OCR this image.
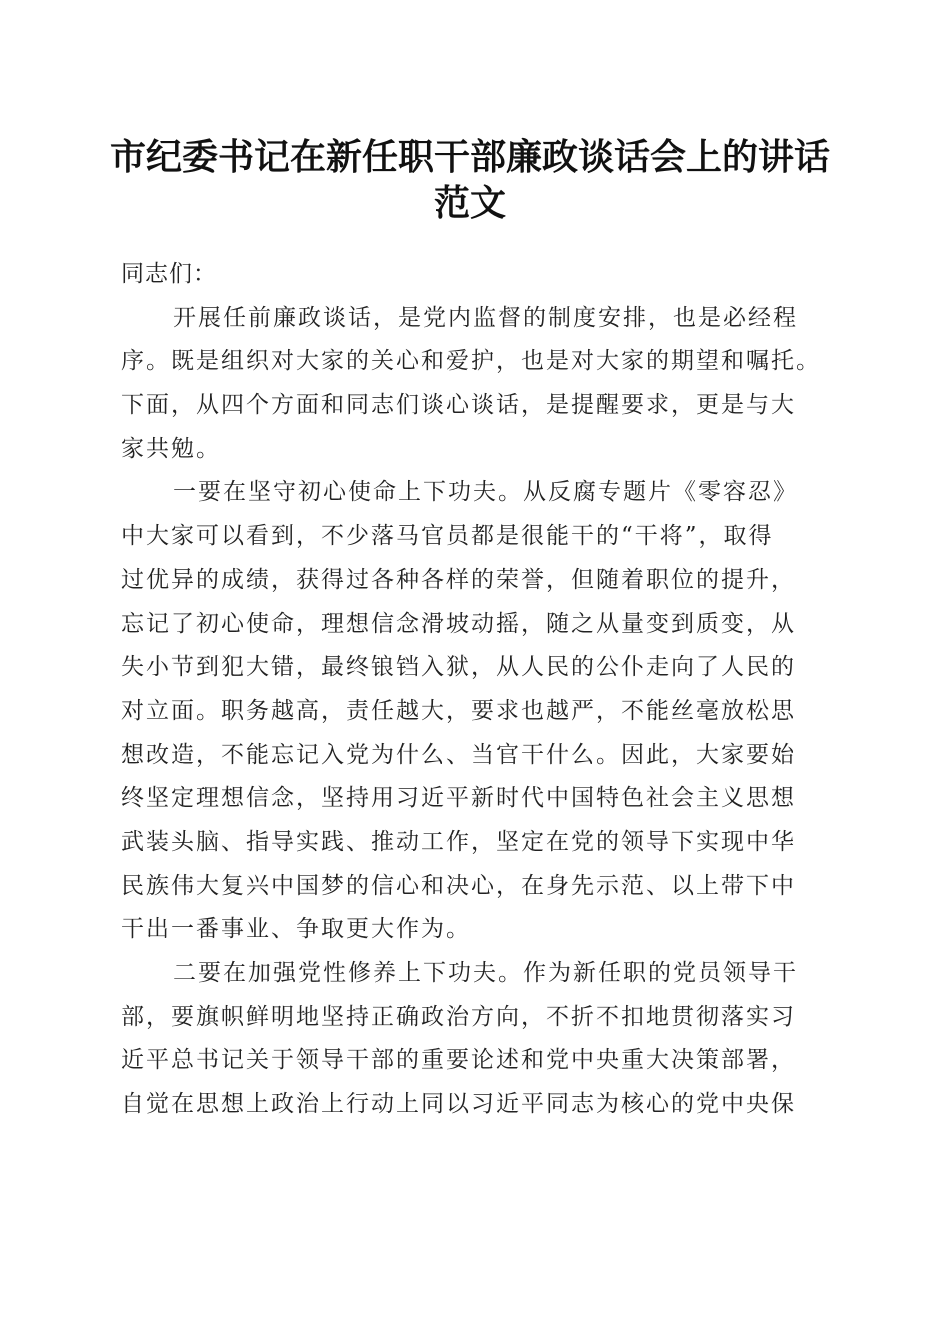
市纪委书记在新任职干部廉政谈话会上的讲话
范文
同志们：
开展任前廉政谈话，是党内监督的制度安排，也是必经程
序。既是组织对大家的关心和爱护，也是对大家的期望和嘱托。
下面，从四个方面和同志们谈心谈话，是提醒要求，更是与大
家共勉。
一要在坚守初心使命上下功夫。从反腐专题片《零容忍》
中大家可以看到，不少落马官员都是很能干的“干将”，取得
过优异的成绩，获得过各种各样的荣誉，但随着职位的提升，
忘记了初心使命，理想信念滑坡动摇，随之从量变到质变，从
失小节到犯大错，最终锒铛入狱，从人民的公仆走向了人民的
对立面。职务越高，责任越大，要求也越严，不能丝毫放松思
想改造，不能忘记入党为什么、当官干什么。因此，大家要始
终坚定理想信念，坚持用习近平新时代中国特色社会主义思想
武装头脑、指导实践、推动工作，坚定在党的领导下实现中华
民族伟大复兴中国梦的信心和决心，在身先示范、以上带下中
干出一番事业、争取更大作为。
二要在加强党性修养上下功夫。作为新任职的党员领导干
部，要旗帜鲜明地坚持正确政治方向，不折不扣地贯彻落实习
近平总书记关于领导干部的重要论述和党中央重大决策部署，
自觉在思想上政治上行动上同以习近平同志为核心的党中央保
